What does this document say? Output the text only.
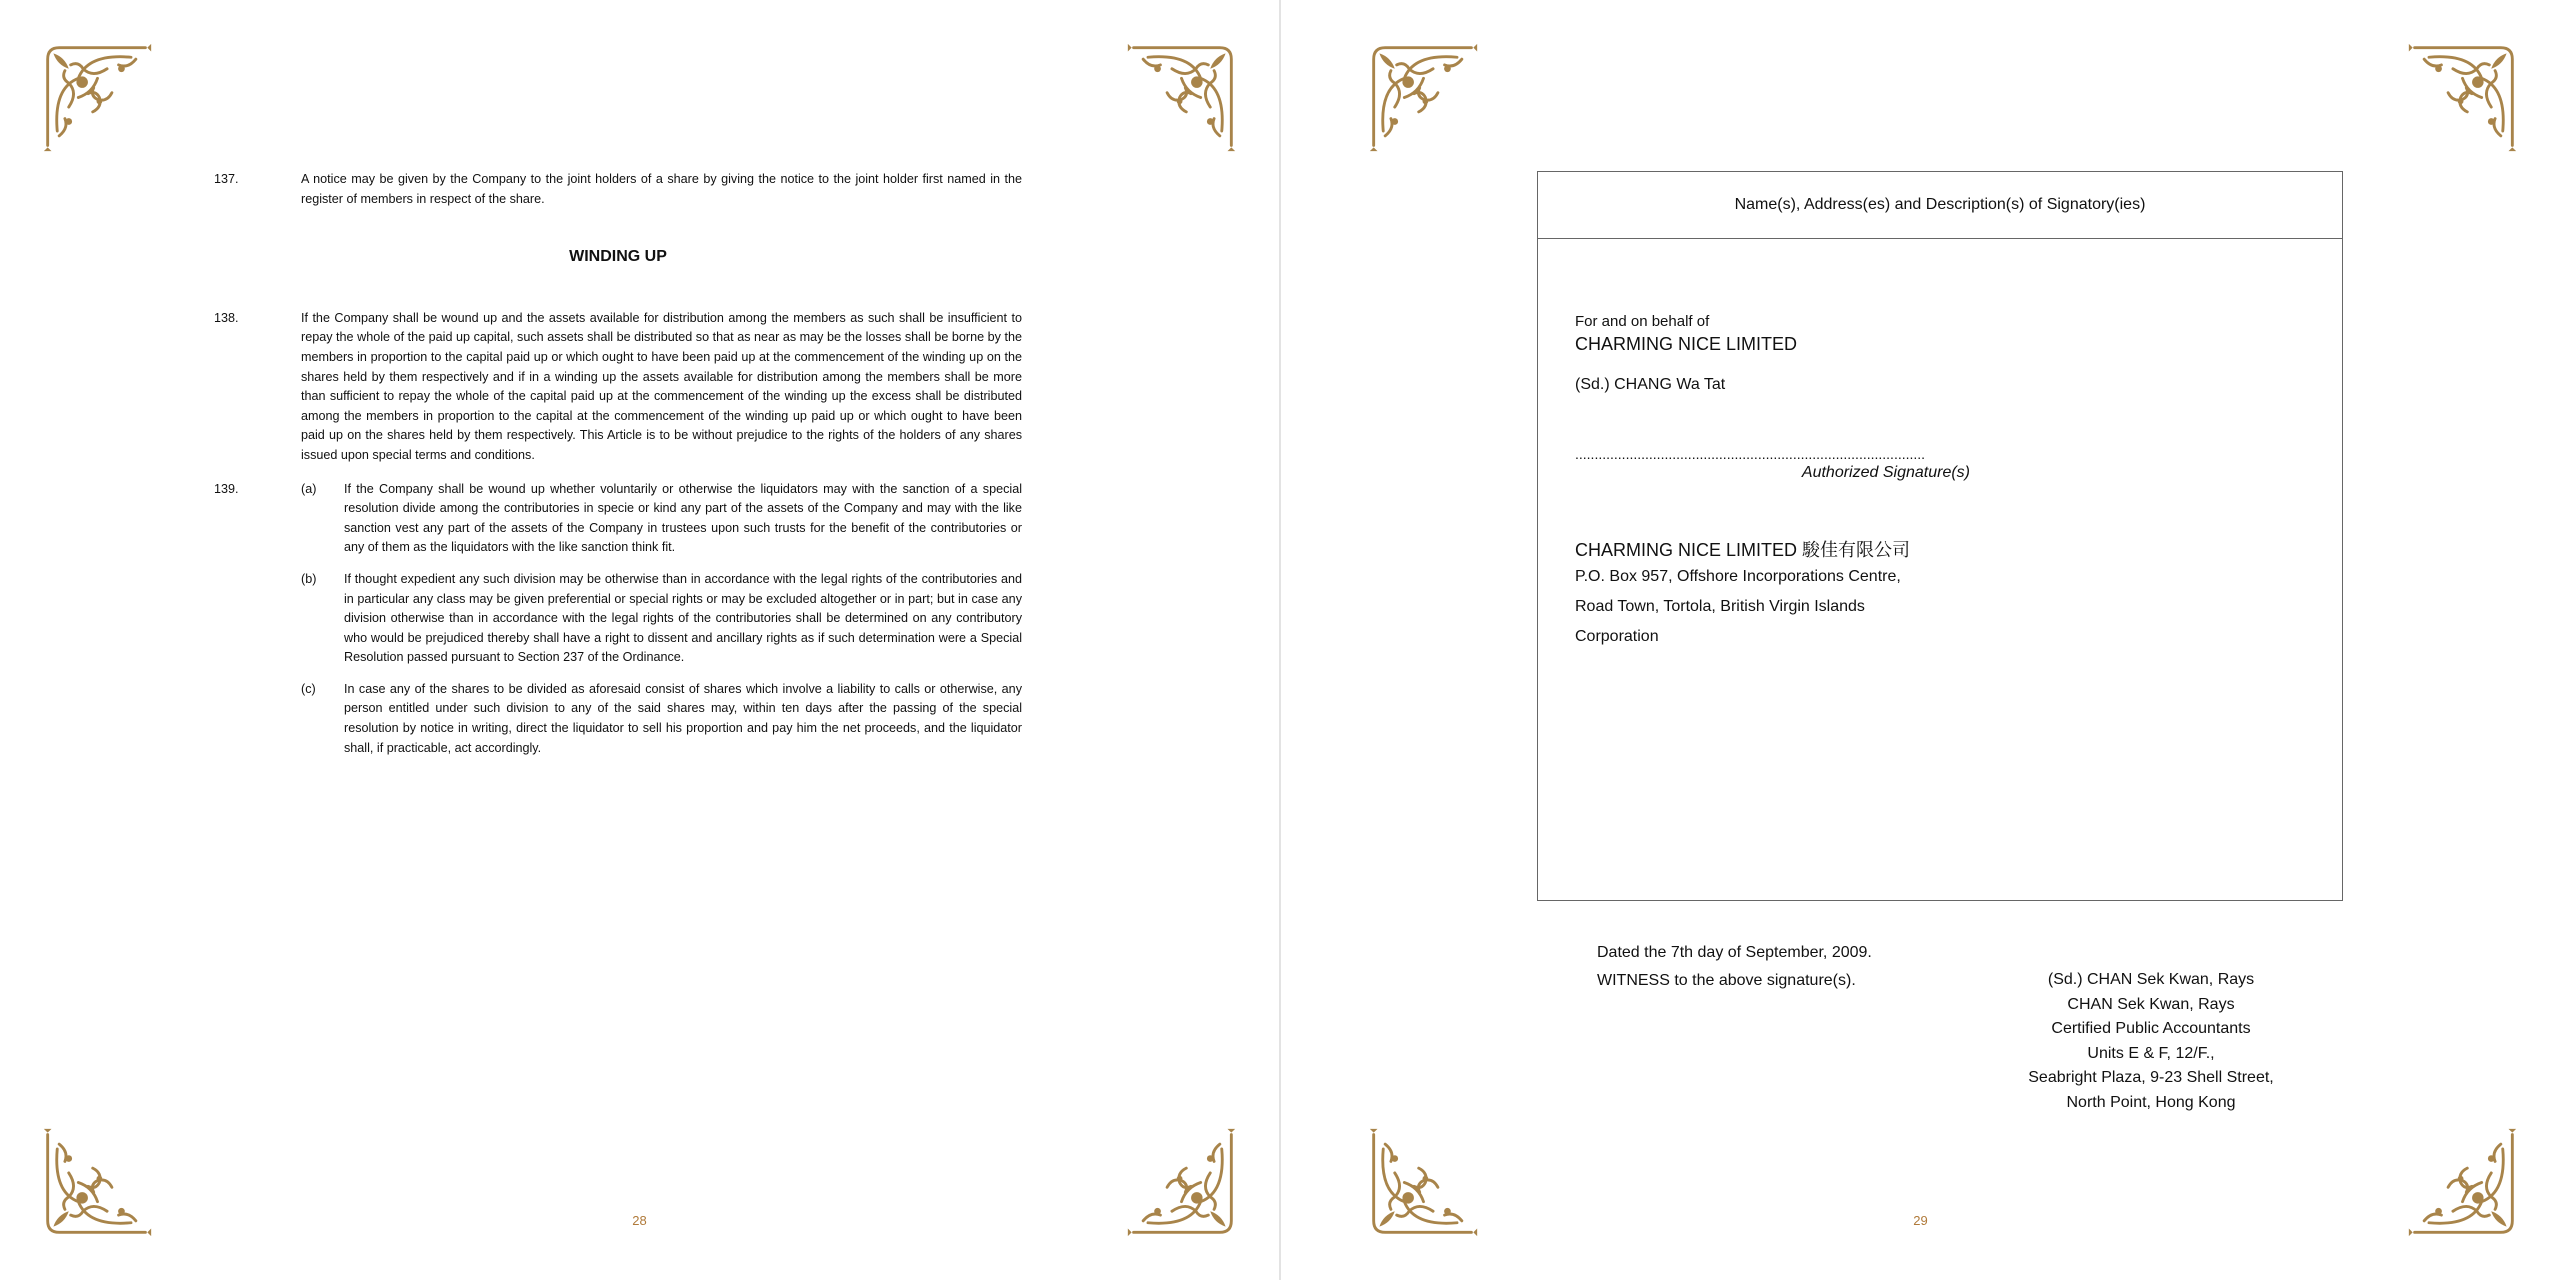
137.	A notice may be given by the Company to the joint holders of a share by giving the notice to the joint holder first named in the register of members in respect of the share.
WINDING UP
138.	If the Company shall be wound up and the assets available for distribution among the members as such shall be insufficient to repay the whole of the paid up capital, such assets shall be distributed so that as near as may be the losses shall be borne by the members in proportion to the capital paid up or which ought to have been paid up at the commencement of the winding up on the shares held by them respectively and if in a winding up the assets available for distribution among the members shall be more than sufficient to repay the whole of the capital paid up at the commencement of the winding up the excess shall be distributed among the members in proportion to the capital at the commencement of the winding up paid up or which ought to have been paid up on the shares held by them respectively. This Article is to be without prejudice to the rights of the holders of any shares issued upon special terms and conditions.
139.	(a)	If the Company shall be wound up whether voluntarily or otherwise the liquidators may with the sanction of a special resolution divide among the contributories in specie or kind any part of the assets of the Company and may with the like sanction vest any part of the assets of the Company in trustees upon such trusts for the benefit of the contributories or any of them as the liquidators with the like sanction think fit.
(b)	If thought expedient any such division may be otherwise than in accordance with the legal rights of the contributories and in particular any class may be given preferential or special rights or may be excluded altogether or in part; but in case any division otherwise than in accordance with the legal rights of the contributories shall be determined on any contributory who would be prejudiced thereby shall have a right to dissent and ancillary rights as if such determination were a Special Resolution passed pursuant to Section 237 of the Ordinance.
(c)	In case any of the shares to be divided as aforesaid consist of shares which involve a liability to calls or otherwise, any person entitled under such division to any of the said shares may, within ten days after the passing of the special resolution by notice in writing, direct the liquidator to sell his proportion and pay him the net proceeds, and the liquidator shall, if practicable, act accordingly.
28
Name(s), Address(es) and Description(s) of Signatory(ies)
For and on behalf of
CHARMING NICE LIMITED
(Sd.) CHANG Wa Tat
..........................................................................................
Authorized Signature(s)
CHARMING NICE LIMITED 駿佳有限公司
P.O. Box 957, Offshore Incorporations Centre,
Road Town, Tortola, British Virgin Islands
Corporation
Dated the 7th day of September, 2009.
WITNESS to the above signature(s).	(Sd.) CHAN Sek Kwan, Rays
CHAN Sek Kwan, Rays
Certified Public Accountants
Units E & F, 12/F.,
Seabright Plaza, 9-23 Shell Street,
North Point, Hong Kong
29
